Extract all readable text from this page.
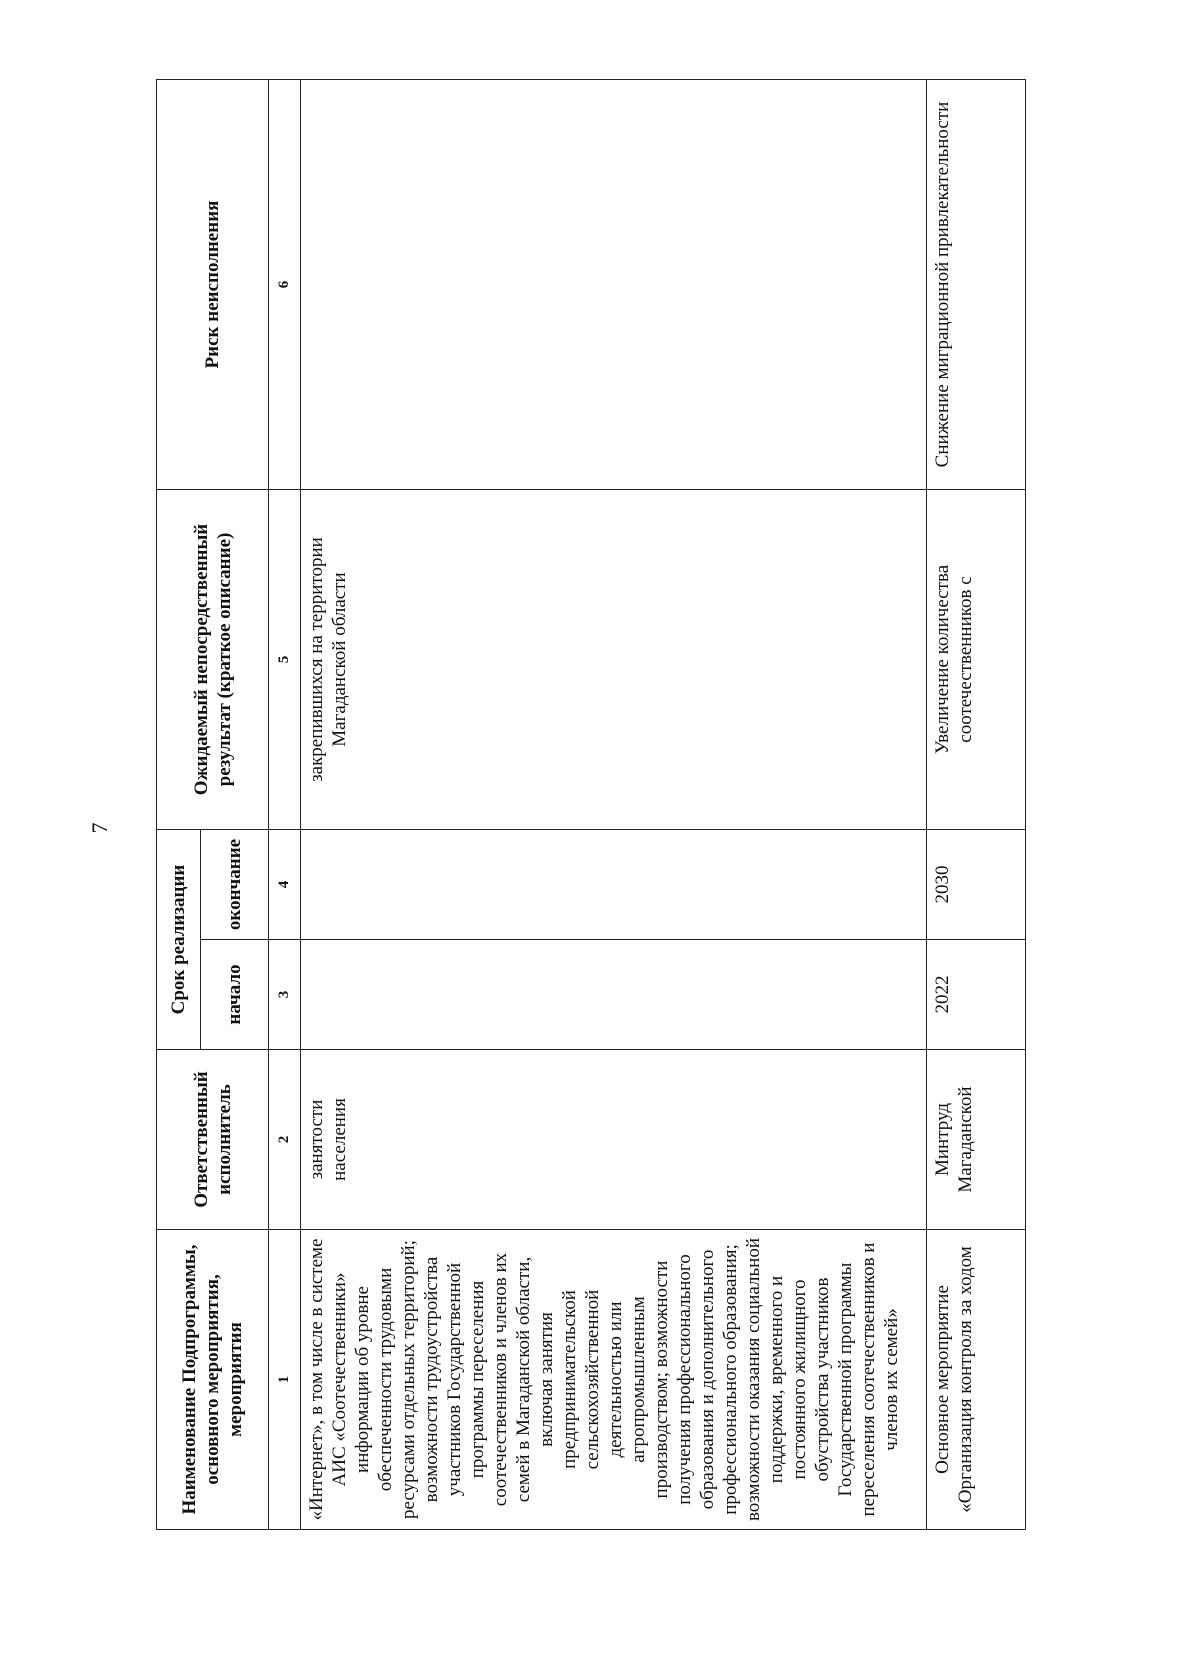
7
Наименование Подпрограммы, основного мероприятия, мероприятия	Ответственный исполнитель	Срок реализации		Ожидаемый непосредственный результат (краткое описание)	Риск неисполнения
		начало	окончание		
1	2	3	4	5	6
«Интернет», в том числе в системе АИС «Соотечественники» информации об уровне обеспеченности трудовыми ресурсами отдельных территорий; возможности трудоустройства участников Государственной программы переселения соотечественников и членов их семей в Магаданской области, включая занятия предпринимательской сельскохозяйственной деятельностью или агропромышленным производством; возможности получения профессионального образования и дополнительного профессионального образования; возможности оказания социальной поддержки, временного и постоянного жилищного обустройства участников Государственной программы переселения соотечественников и членов их семей»	занятости населения			закрепившихся на территории Магаданской области	
Основное мероприятие «Организация контроля за ходом	Минтруд Магаданской	2022	2030	Увеличение количества соотечественников с	Снижение миграционной привлекательности
